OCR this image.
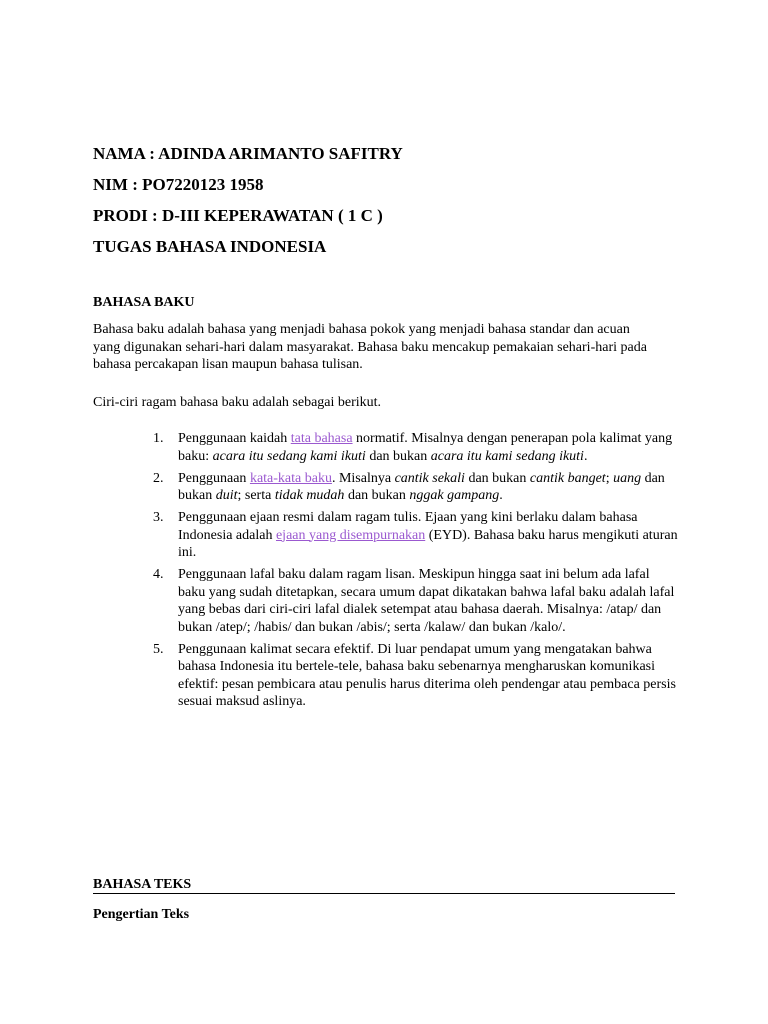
NAMA : ADINDA ARIMANTO SAFITRY
NIM : PO7220123 1958
PRODI : D-III KEPERAWATAN ( 1 C )
TUGAS BAHASA INDONESIA
BAHASA BAKU
Bahasa baku adalah bahasa yang menjadi bahasa pokok yang menjadi bahasa standar dan acuan yang digunakan sehari-hari dalam masyarakat. Bahasa baku mencakup pemakaian sehari-hari pada bahasa percakapan lisan maupun bahasa tulisan.
Ciri-ciri ragam bahasa baku adalah sebagai berikut.
1. Penggunaan kaidah tata bahasa normatif. Misalnya dengan penerapan pola kalimat yang baku: acara itu sedang kami ikuti dan bukan acara itu kami sedang ikuti.
2. Penggunaan kata-kata baku. Misalnya cantik sekali dan bukan cantik banget; uang dan bukan duit; serta tidak mudah dan bukan nggak gampang.
3. Penggunaan ejaan resmi dalam ragam tulis. Ejaan yang kini berlaku dalam bahasa Indonesia adalah ejaan yang disempurnakan (EYD). Bahasa baku harus mengikuti aturan ini.
4. Penggunaan lafal baku dalam ragam lisan. Meskipun hingga saat ini belum ada lafal baku yang sudah ditetapkan, secara umum dapat dikatakan bahwa lafal baku adalah lafal yang bebas dari ciri-ciri lafal dialek setempat atau bahasa daerah. Misalnya: /atap/ dan bukan /atep/; /habis/ dan bukan /abis/; serta /kalaw/ dan bukan /kalo/.
5. Penggunaan kalimat secara efektif. Di luar pendapat umum yang mengatakan bahwa bahasa Indonesia itu bertele-tele, bahasa baku sebenarnya mengharuskan komunikasi efektif: pesan pembicara atau penulis harus diterima oleh pendengar atau pembaca persis sesuai maksud aslinya.
BAHASA TEKS
Pengertian Teks
